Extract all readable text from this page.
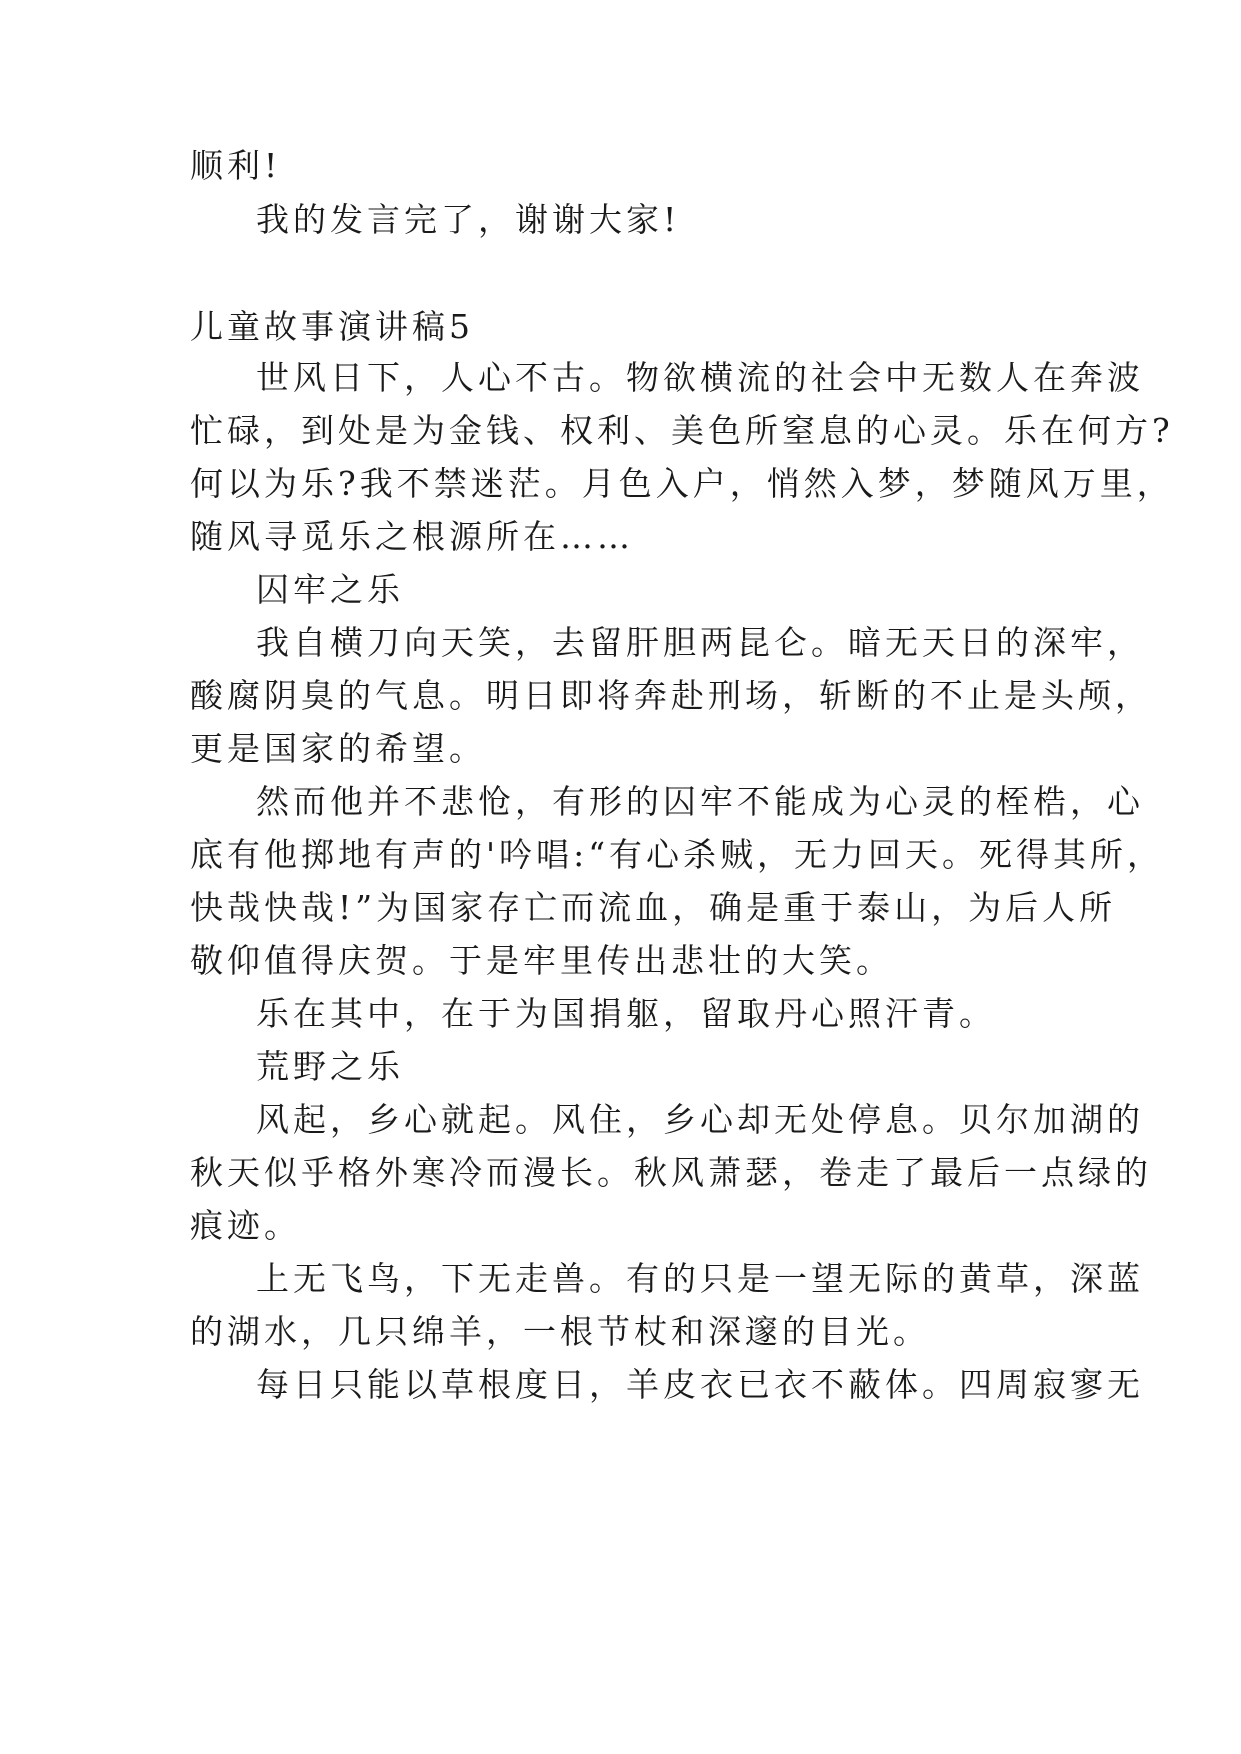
顺利!

我的发言完了，谢谢大家!

儿童故事演讲稿5

世风日下，人心不古。物欲横流的社会中无数人在奔波

忙碌，到处是为金钱、权利、美色所窒息的心灵。乐在何方?

何以为乐?我不禁迷茫。月色入户，悄然入梦，梦随风万里，

随风寻觅乐之根源所在……

囚牢之乐

我自横刀向天笑，去留肝胆两昆仑。暗无天日的深牢，

酸腐阴臭的气息。明日即将奔赴刑场，斩断的不止是头颅，

更是国家的希望。

然而他并不悲怆，有形的囚牢不能成为心灵的桎梏，心

底有他掷地有声的'吟唱:“有心杀贼，无力回天。死得其所，

快哉快哉!”为国家存亡而流血，确是重于泰山，为后人所

敬仰值得庆贺。于是牢里传出悲壮的大笑。

乐在其中，在于为国捐躯，留取丹心照汗青。

荒野之乐

风起，乡心就起。风住，乡心却无处停息。贝尔加湖的

秋天似乎格外寒冷而漫长。秋风萧瑟，卷走了最后一点绿的

痕迹。

上无飞鸟，下无走兽。有的只是一望无际的黄草，深蓝

的湖水，几只绵羊，一根节杖和深邃的目光。

每日只能以草根度日，羊皮衣已衣不蔽体。四周寂寥无
